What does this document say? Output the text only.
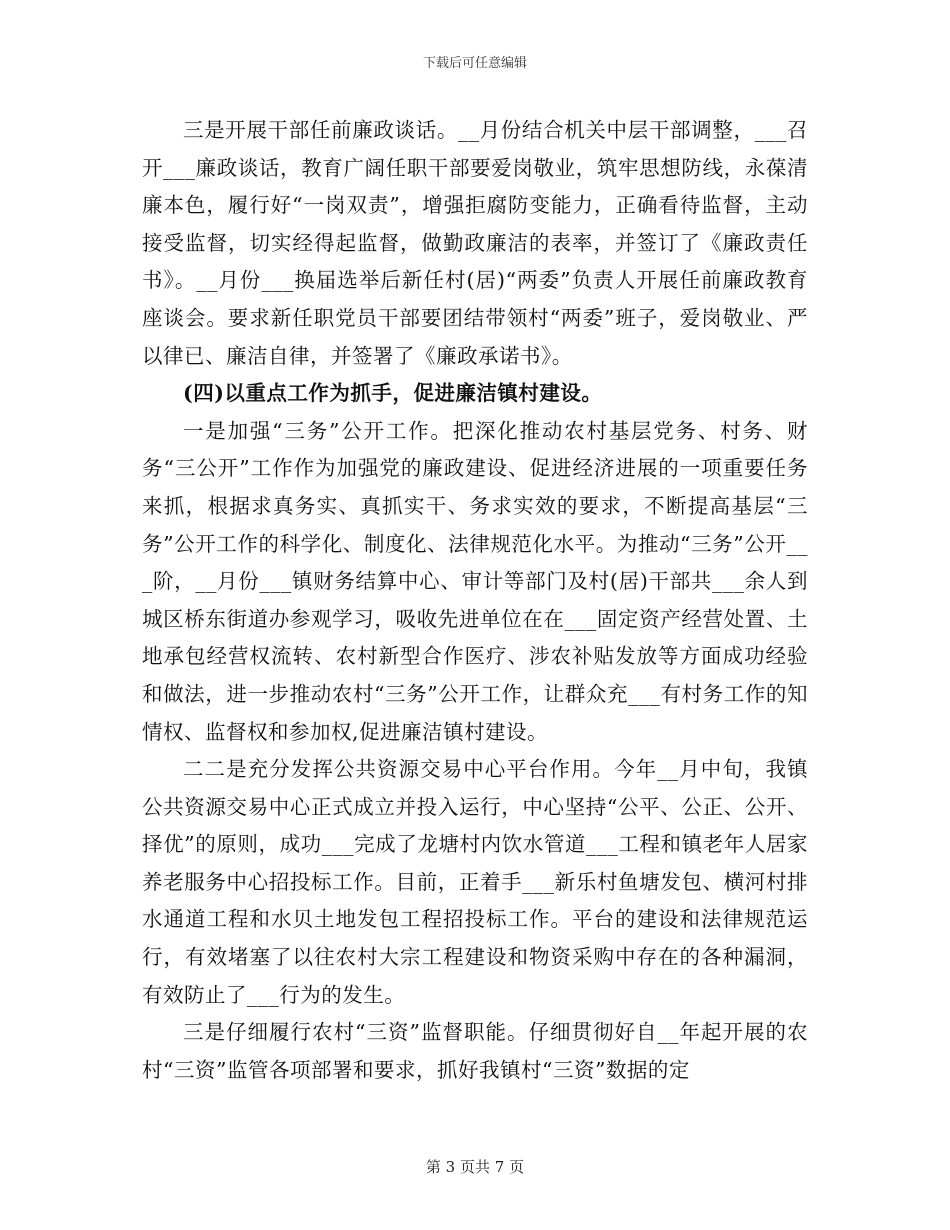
下载后可任意编辑

三是开展干部任前廉政谈话。__月份结合机关中层干部调整，___召开___廉政谈话，教育广阔任职干部要爱岗敬业，筑牢思想防线，永葆清廉本色，履行好“一岗双责”，增强拒腐防变能力，正确看待监督，主动接受监督，切实经得起监督，做勤政廉洁的表率，并签订了《廉政责任书》。__月份___换届选举后新任村(居)“两委”负责人开展任前廉政教育座谈会。要求新任职党员干部要团结带领村“两委”班子，爱岗敬业、严以律已、廉洁自律，并签署了《廉政承诺书》。

(四)以重点工作为抓手，促进廉洁镇村建设。

一是加强“三务”公开工作。把深化推动农村基层党务、村务、财务“三公开”工作作为加强党的廉政建设、促进经济进展的一项重要任务来抓，根据求真务实、真抓实干、务求实效的要求，不断提高基层“三务”公开工作的科学化、制度化、法律规范化水平。为推动“三务”公开___阶，__月份___镇财务结算中心、审计等部门及村(居)干部共___余人到城区桥东街道办参观学习，吸收先进单位在在___固定资产经营处置、土地承包经营权流转、农村新型合作医疗、涉农补贴发放等方面成功经验和做法，进一步推动农村“三务”公开工作，让群众充___有村务工作的知情权、监督权和参加权,促进廉洁镇村建设。

二二是充分发挥公共资源交易中心平台作用。今年__月中旬，我镇公共资源交易中心正式成立并投入运行，中心坚持“公平、公正、公开、择优”的原则，成功___完成了龙塘村内饮水管道___工程和镇老年人居家养老服务中心招投标工作。目前，正着手___新乐村鱼塘发包、横河村排水通道工程和水贝土地发包工程招投标工作。平台的建设和法律规范运行，有效堵塞了以往农村大宗工程建设和物资采购中存在的各种漏洞，有效防止了___行为的发生。

三是仔细履行农村“三资”监督职能。仔细贯彻好自__年起开展的农村“三资”监管各项部署和要求，抓好我镇村“三资”数据的定

第 3 页共 7 页
